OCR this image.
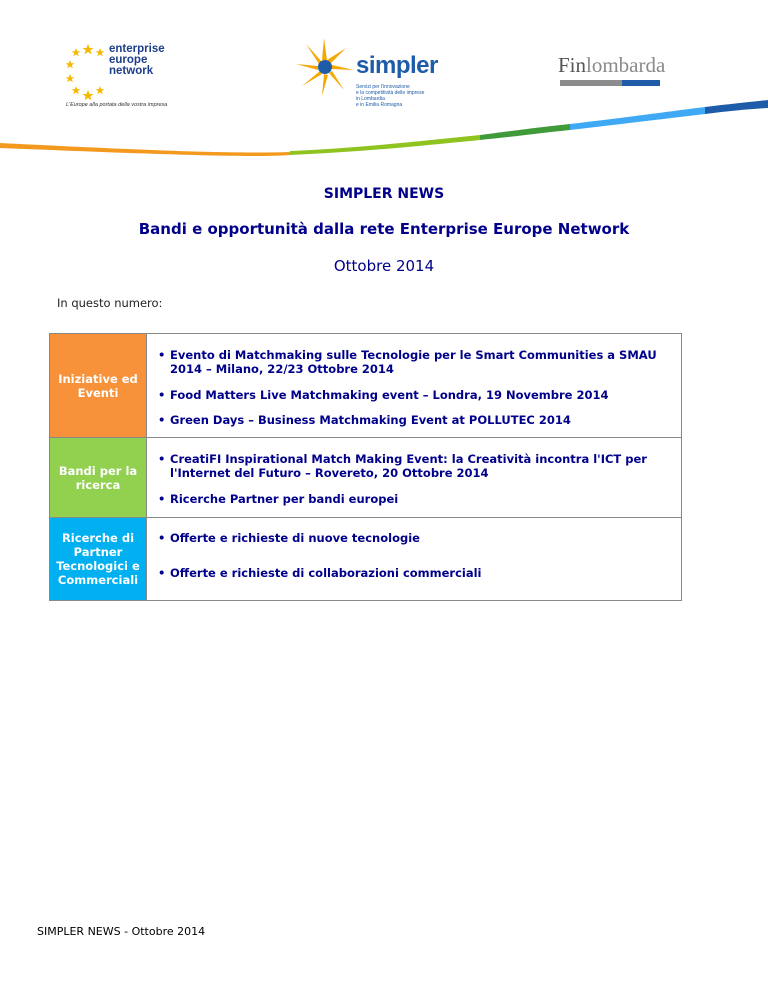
enterprise
europe
network
L'Europe alla portata della vostra impresa
simpler
Servizi per l'innovazione
e la competitività delle imprese
in Lombardia
e in Emilia Romagna
Finlombarda
SIMPLER NEWS
Bandi e opportunità dalla rete Enterprise Europe Network
Ottobre 2014
In questo numero:
Iniziative ed Eventi
• Evento di Matchmaking sulle Tecnologie per le Smart Communities a SMAU 2014 – Milano, 22/23 Ottobre 2014
• Food Matters Live Matchmaking event – Londra, 19 Novembre 2014
• Green Days – Business Matchmaking Event at POLLUTEC 2014
Bandi per la ricerca
• CreatiFI Inspirational Match Making Event: la Creatività incontra l'ICT per l'Internet del Futuro – Rovereto, 20 Ottobre 2014
• Ricerche Partner per bandi europei
Ricerche di Partner Tecnologici e Commerciali
• Offerte e richieste di nuove tecnologie
• Offerte e richieste di collaborazioni commerciali
SIMPLER NEWS - Ottobre 2014
